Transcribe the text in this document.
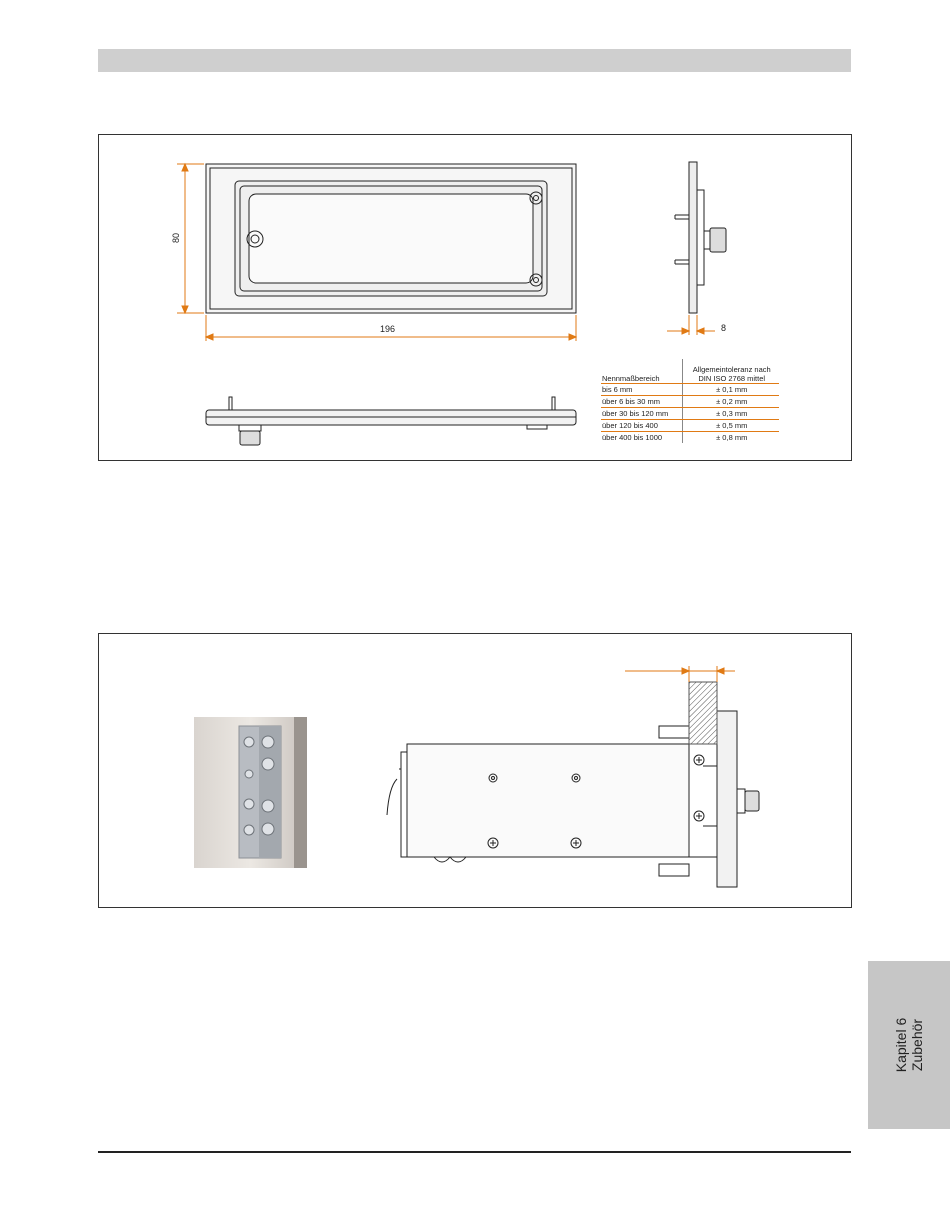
80
196	8
Nennmaßbereich	Allgemeintoleranz nach
DIN ISO 2768 mittel
bis 6 mm	± 0,1 mm
über 6 bis 30 mm	± 0,2 mm
über 30 bis 120 mm	± 0,3 mm
über 120 bis 400	± 0,5 mm
über 400 bis 1000	± 0,8 mm
Kapitel 6 Zubehör
